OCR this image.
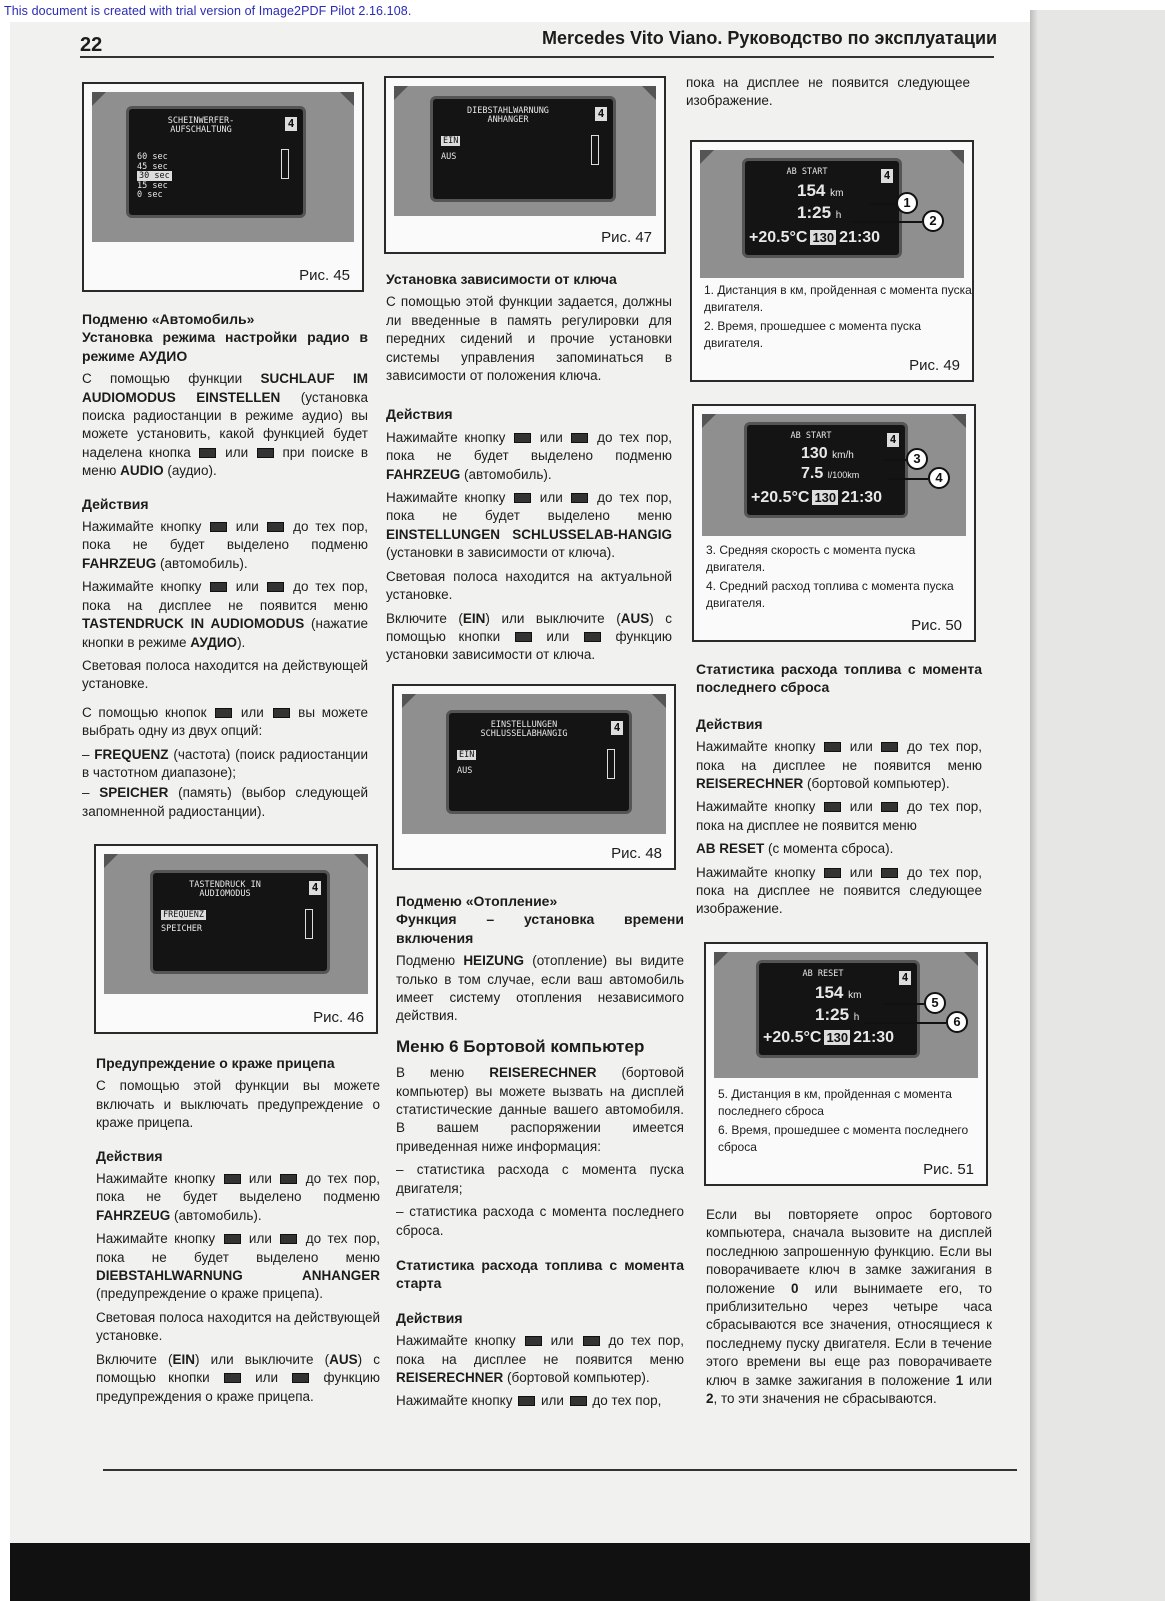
This document is created with trial version of Image2PDF Pilot 2.16.108.
22	Mercedes Vito Viano. Руководство по эксплуатации
SCHEINWERFER-
AUFSCHALTUNG	4
60 sec
45 sec
30 sec
15 sec
0 sec
Рис. 45
DIEBSTAHLWARNUNG
ANHANGER	4
EIN
AUS
Рис. 47

Подменю «Автомобиль»

Установка режима настройки радио в режиме АУДИО

С помощью функции SUCHLAUF IM AUDIOMODUS EINSTELLEN (установка поиска радиостанции в режиме аудио) вы можете установить, какой функцией будет наделена кнопка  или  при поиске в меню AUDIO (аудио).

Действия

Нажимайте кнопку  или  до тех пор, пока не будет выделено подменю FAHRZEUG (автомобиль).

Нажимайте кнопку  или  до тех пор, пока на дисплее не появится меню TASTENDRUCK IN AUDIOMODUS (нажатие кнопки в режиме АУДИО).

Световая полоса находится на действующей установке.

С помощью кнопок  или  вы можете выбрать одну из двух опций:

– FREQUENZ (частота) (поиск радиостанции в частотном диапазоне);

– SPEICHER (память) (выбор следующей запомненной радиостанции).

TASTENDRUCK IN
AUDIOMODUS	4
FREQUENZ
SPEICHER
Рис. 46

Предупреждение о краже прицепа

С помощью этой функции вы можете включать и выключать предупреждение о краже прицепа.

Действия

Нажимайте кнопку  или  до тех пор, пока не будет выделено подменю FAHRZEUG (автомобиль).

Нажимайте кнопку  или  до тех пор, пока не будет выделено меню DIEBSTAHLWARNUNG ANHANGER (предупреждение о краже прицепа).

Световая полоса находится на действующей установке.

Включите (EIN) или выключите (AUS) с помощью кнопки  или  функцию предупреждения о краже прицепа.

Установка зависимости от ключа

С помощью этой функции задается, должны ли введенные в память регулировки для передних сидений и прочие установки системы управления запоминаться в зависимости от положения ключа.

Действия

Нажимайте кнопку  или  до тех пор, пока не будет выделено подменю FAHRZEUG (автомобиль).

Нажимайте кнопку  или  до тех пор, пока не будет выделено меню EINSTELLUNGEN SCHLUSSELAB-HANGIG (установки в зависимости от ключа).

Световая полоса находится на актуальной установке.

Включите (EIN) или выключите (AUS) с помощью кнопки  или  функцию установки зависимости от ключа.

EINSTELLUNGEN
SCHLUSSELABHANGIG	4
EIN
AUS
Рис. 48

Подменю «Отопление»

Функция – установка времени включения

Подменю HEIZUNG (отопление) вы видите только в том случае, если ваш автомобиль имеет систему отопления независимого действия.

Меню 6 Бортовой компьютер

В меню REISERECHNER (бортовой компьютер) вы можете вызвать на дисплей статистические данные вашего автомобиля. В вашем распоряжении имеется приведенная ниже информация:

– статистика расхода с момента пуска двигателя;

– статистика расхода с момента последнего сброса.

Статистика расхода топлива с момента старта

Действия

Нажимайте кнопку  или  до тех пор, пока на дисплее не появится меню REISERECHNER (бортовой компьютер).

Нажимайте кнопку  или  до тех пор,

пока на дисплее не появится следующее изображение.

AB START	4
154 km
1:25 h
+20.5°C 130 21:30
1
2
1. Дистанция в км, пройденная с момента пуска двигателя.
2. Время, прошедшее с момента пуска двигателя.
Рис. 49
AB START	4
130 km/h
7.5 l/100km
+20.5°C 130 21:30
3
4
3. Средняя скорость с момента пуска двигателя.
4. Средний расход топлива с момента пуска двигателя.
Рис. 50

Статистика расхода топлива с момента последнего сброса

Действия

Нажимайте кнопку  или  до тех пор, пока на дисплее не появится меню REISERECHNER (бортовой компьютер).

Нажимайте кнопку  или  до тех пор, пока на дисплее не появится меню

AB RESET (с момента сброса).

Нажимайте кнопку  или  до тех пор, пока на дисплее не появится следующее изображение.

AB RESET	4
154 km
1:25 h
+20.5°C 130 21:30
5
6
5. Дистанция в км, пройденная с момента последнего сброса
6. Время, прошедшее с момента последнего сброса
Рис. 51

Если вы повторяете опрос бортового компьютера, сначала вызовите на дисплей последнюю запрошенную функцию. Если вы поворачиваете ключ в замке зажигания в положение 0 или вынимаете его, то приблизительно через четыре часа сбрасываются все значения, относящиеся к последнему пуску двигателя. Если в течение этого времени вы еще раз поворачиваете ключ в замке зажигания в положение 1 или 2, то эти значения не сбрасываются.
